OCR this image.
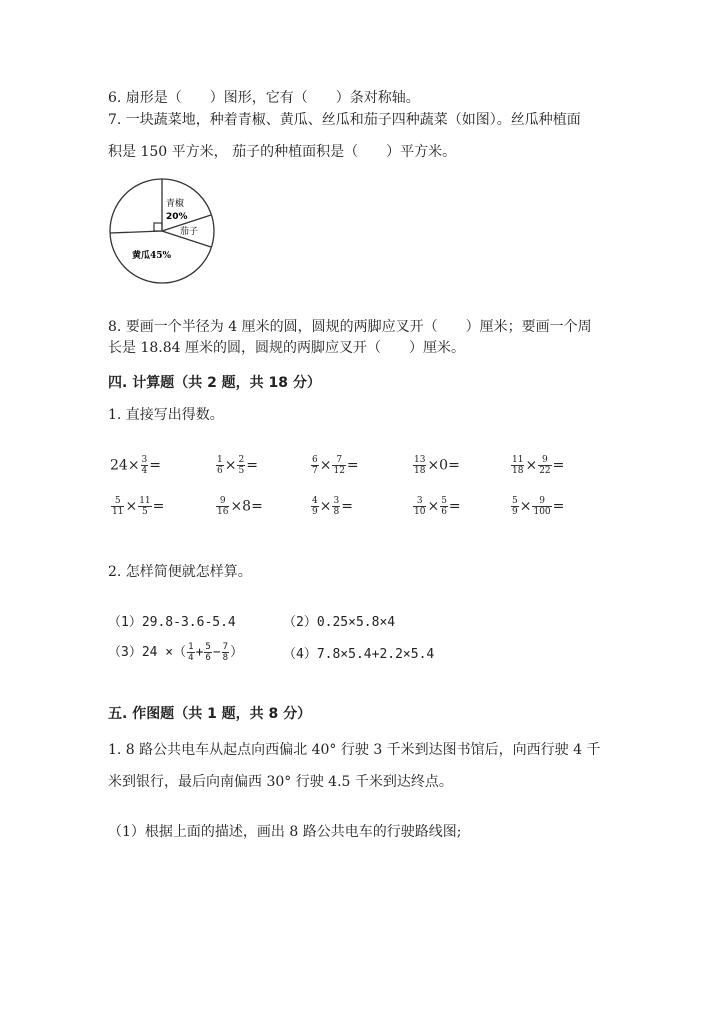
6. 扇形是（　　）图形，它有（　　）条对称轴。
7. 一块蔬菜地，种着青椒、黄瓜、丝瓜和茄子四种蔬菜（如图）。丝瓜种植面
积是 150 平方米， 茄子的种植面积是（　　）平方米。
青椒
20%
茄子
黄瓜45%
8. 要画一个半径为 4 厘米的圆，圆规的两脚应叉开（　　）厘米；要画一个周
长是 18.84 厘米的圆，圆规的两脚应叉开（　　）厘米。
四. 计算题（共 2 题，共 18 分）
1. 直接写出得数。
$24\times \frac{3}{4}$ =	$\frac{1}{6} \times \frac{2}{5}$ =	$\frac{6}{7} \times \frac{7}{12}$ =	$\frac{13}{18} \times 0=$	$\frac{11}{18} \times \frac{9}{22}$ =
$\frac{5}{11} \times \frac{11}{5}$ =	$\frac{9}{16} \times 8=$	$\frac{4}{9} \times \frac{3}{8}$ =	$\frac{3}{10} \times \frac{5}{6}$ =	$\frac{5}{9} \times \frac{9}{100}$ =
2. 怎样简便就怎样算。
（1）29.8-3.6-5.4	（2）0.25×5.8×4
（3）24 ×（ $\frac{1}{4} + \frac{5}{6} - \frac{7}{8}$ ）	（4）7.8×5.4+2.2×5.4
五. 作图题（共 1 题，共 8 分）
1. 8 路公共电车从起点向西偏北 40° 行驶 3 千米到达图书馆后，向西行驶 4 千
米到银行，最后向南偏西 30° 行驶 4.5 千米到达终点。
（1）根据上面的描述，画出 8 路公共电车的行驶路线图;
